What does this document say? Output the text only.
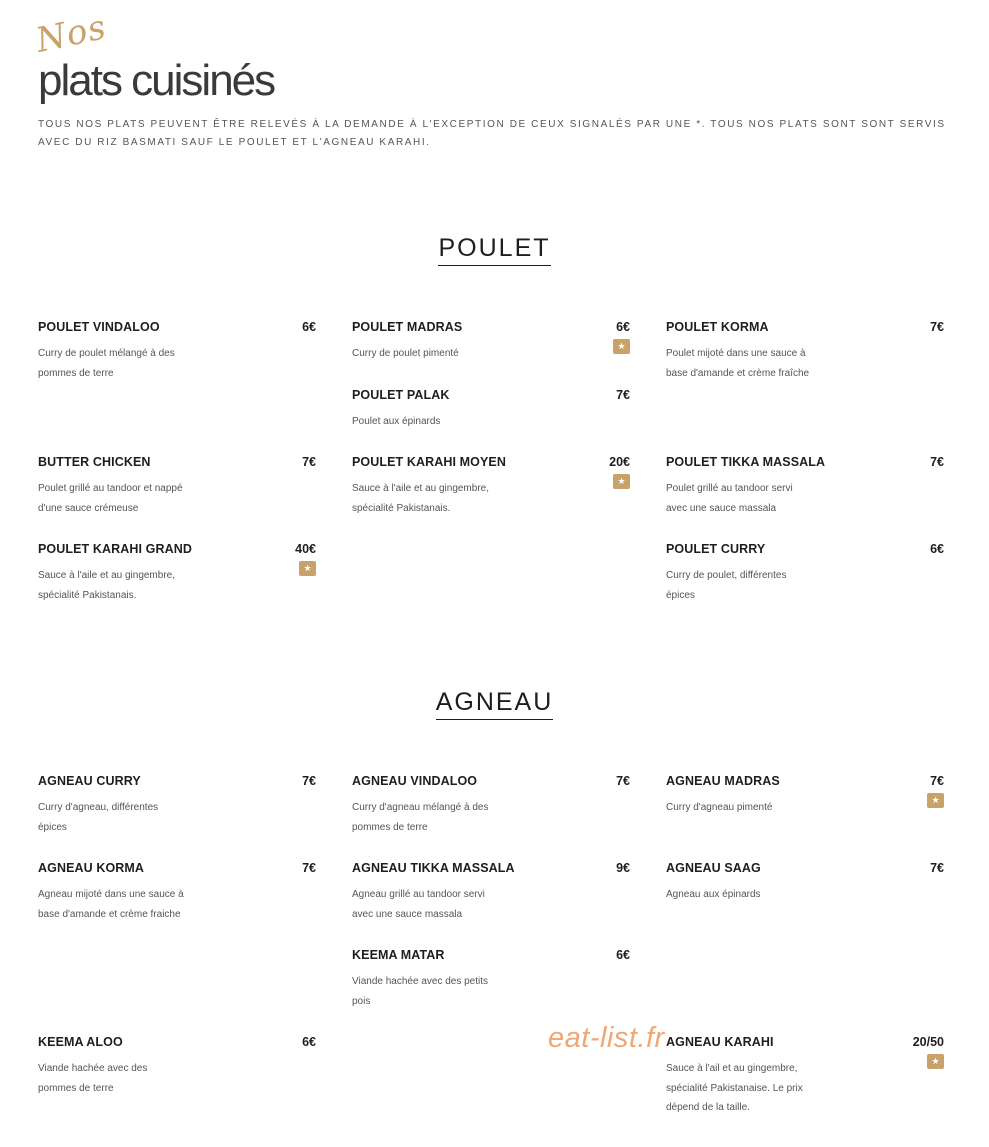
Nos
plats cuisinés

TOUS NOS PLATS PEUVENT ÊTRE RELEVÉS À LA DEMANDE À L'EXCEPTION DE CEUX SIGNALÉS PAR UNE *. TOUS NOS PLATS SONT SONT SERVIS AVEC DU RIZ BASMATI SAUF LE POULET ET L'AGNEAU KARAHI.

POULET
POULET VINDALOO	6€
Curry de poulet mélangé à des pommes de terre
POULET MADRAS	6€
Curry de poulet pimenté
★
POULET KORMA	7€
Poulet mijoté dans une sauce à base d'amande et crème fraîche
POULET PALAK	7€
Poulet aux épinards
BUTTER CHICKEN	7€
Poulet grillé au tandoor et nappé d'une sauce crémeuse
POULET KARAHI MOYEN	20€
Sauce à l'aile et au gingembre, spécialité Pakistanais.
★
POULET TIKKA MASSALA	7€
Poulet grillé au tandoor servi avec une sauce massala
POULET KARAHI GRAND	40€
Sauce à l'aile et au gingembre, spécialité Pakistanais.
★
POULET CURRY	6€
Curry de poulet, différentes épices
AGNEAU
AGNEAU CURRY	7€
Curry d'agneau, différentes épices
AGNEAU VINDALOO	7€
Curry d'agneau mélangé à des pommes de terre
AGNEAU MADRAS	7€
Curry d'agneau pimenté
★
AGNEAU KORMA	7€
Agneau mijoté dans une sauce à base d'amande et crème fraiche
AGNEAU TIKKA MASSALA	9€
Agneau grillé au tandoor servi avec une sauce massala
AGNEAU SAAG	7€
Agneau aux épinards
KEEMA MATAR	6€
Viande hachée avec des petits pois
KEEMA ALOO	6€
Viande hachée avec des pommes de terre
AGNEAU KARAHI	20/50
Sauce à l'ail et au gingembre, spécialité Pakistanaise. Le prix dépend de la taille.
★
eat-list.fr
